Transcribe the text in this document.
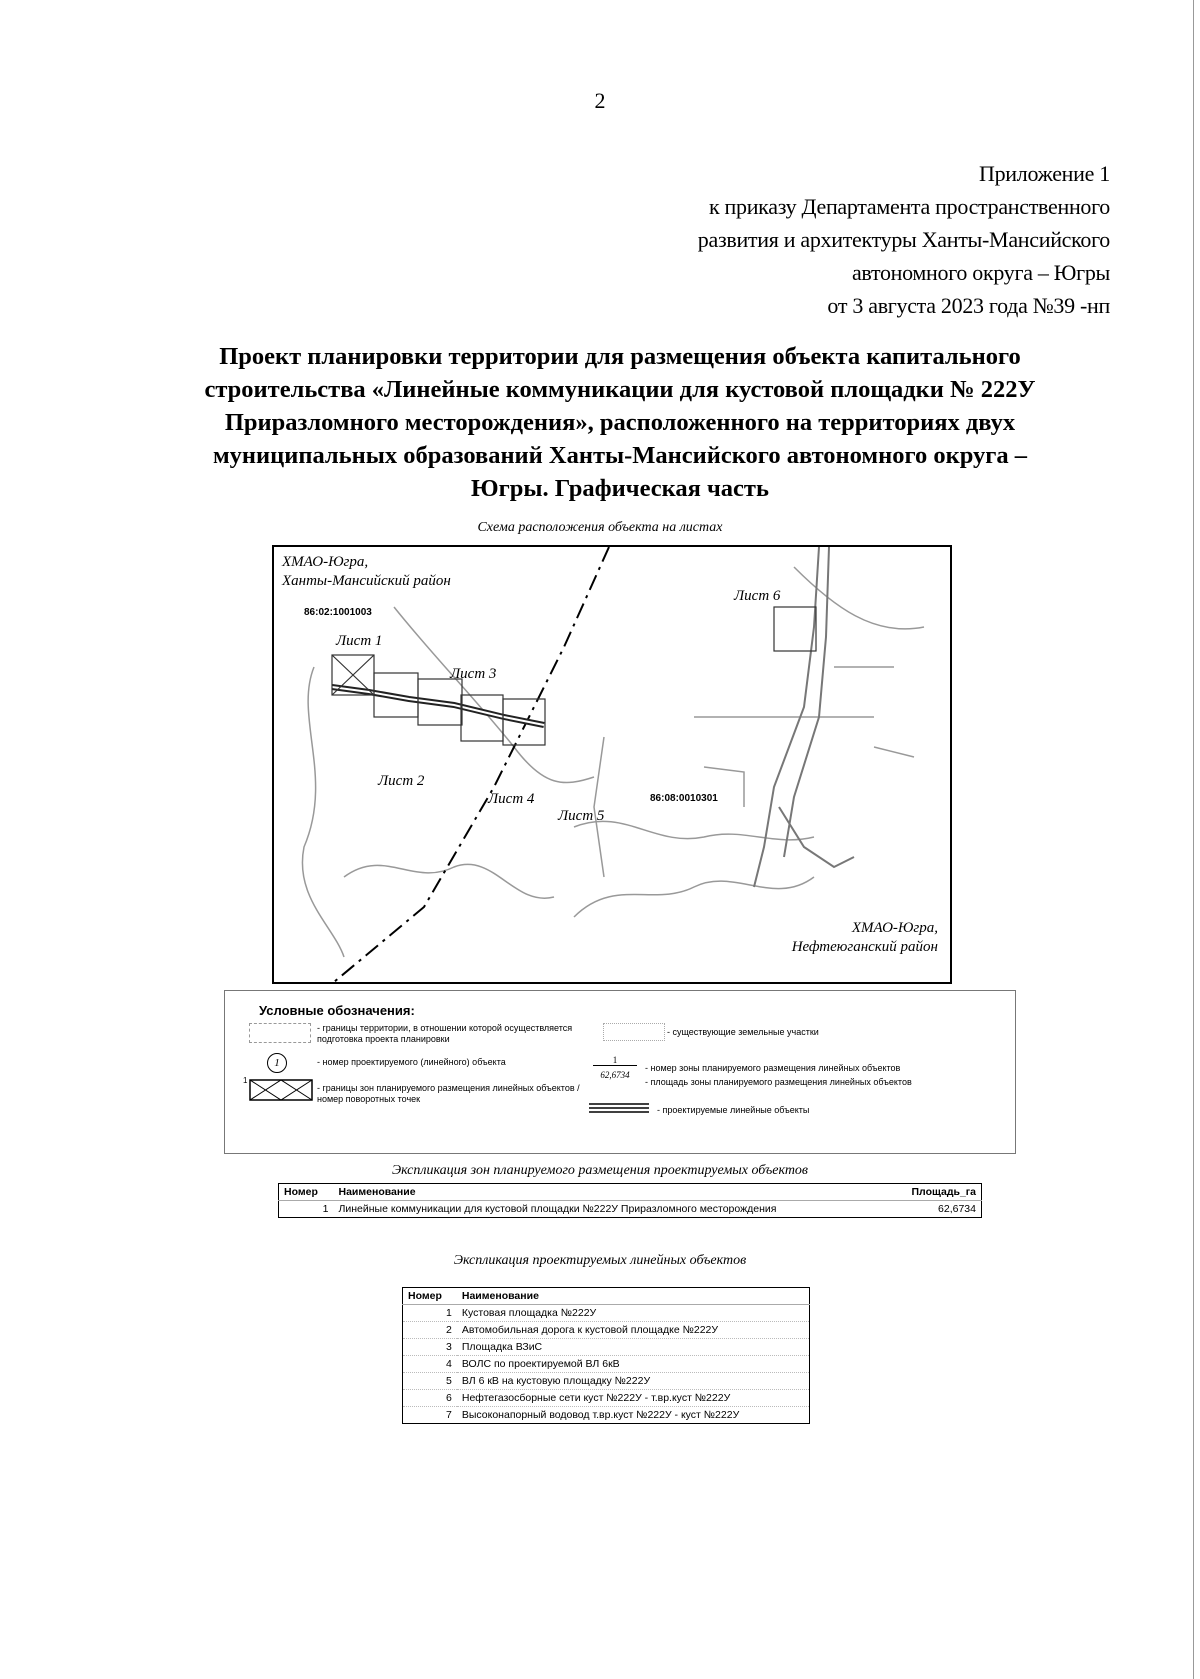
2
Приложение 1
к приказу Департамента пространственного
развития и архитектуры Ханты-Мансийского
автономного округа – Югры
от 3 августа 2023 года №39 -нп
Проект планировки территории для размещения объекта капитального
строительства «Линейные коммуникации для кустовой площадки № 222У
Приразломного месторождения», расположенного на территориях двух
муниципальных образований Ханты-Мансийского автономного округа –
Югры. Графическая часть
Схема расположения объекта на листах
ХМАО-Югра,
Ханты-Мансийский район
86:02:1001003
86:08:0010301
Лист 1
Лист 2
Лист 3
Лист 4
Лист 5
Лист 6
ХМАО-Югра,
Нефтеюганский район
Условные обозначения:
- границы территории, в отношении которой осуществляется подготовка проекта планировки
- существующие земельные участки
1	- номер проектируемого (линейного) объекта	1
62,6734
- номер зоны планируемого размещения линейных объектов
- площадь зоны планируемого размещения линейных объектов
1
- границы зон планируемого размещения линейных объектов / номер поворотных точек
- проектируемые линейные объекты
Экспликация зон планируемого размещения проектируемых объектов
Номер	Наименование	Площадь_га
1	Линейные коммуникации для кустовой площадки №222У Приразломного месторождения	62,6734
Экспликация проектируемых линейных объектов
Номер	Наименование
1	Кустовая площадка №222У
2	Автомобильная дорога к кустовой площадке №222У
3	Площадка ВЗиС
4	ВОЛС по проектируемой ВЛ 6кВ
5	ВЛ 6 кВ на кустовую площадку №222У
6	Нефтегазосборные сети куст №222У - т.вр.куст №222У
7	Высоконапорный водовод т.вр.куст №222У - куст №222У
